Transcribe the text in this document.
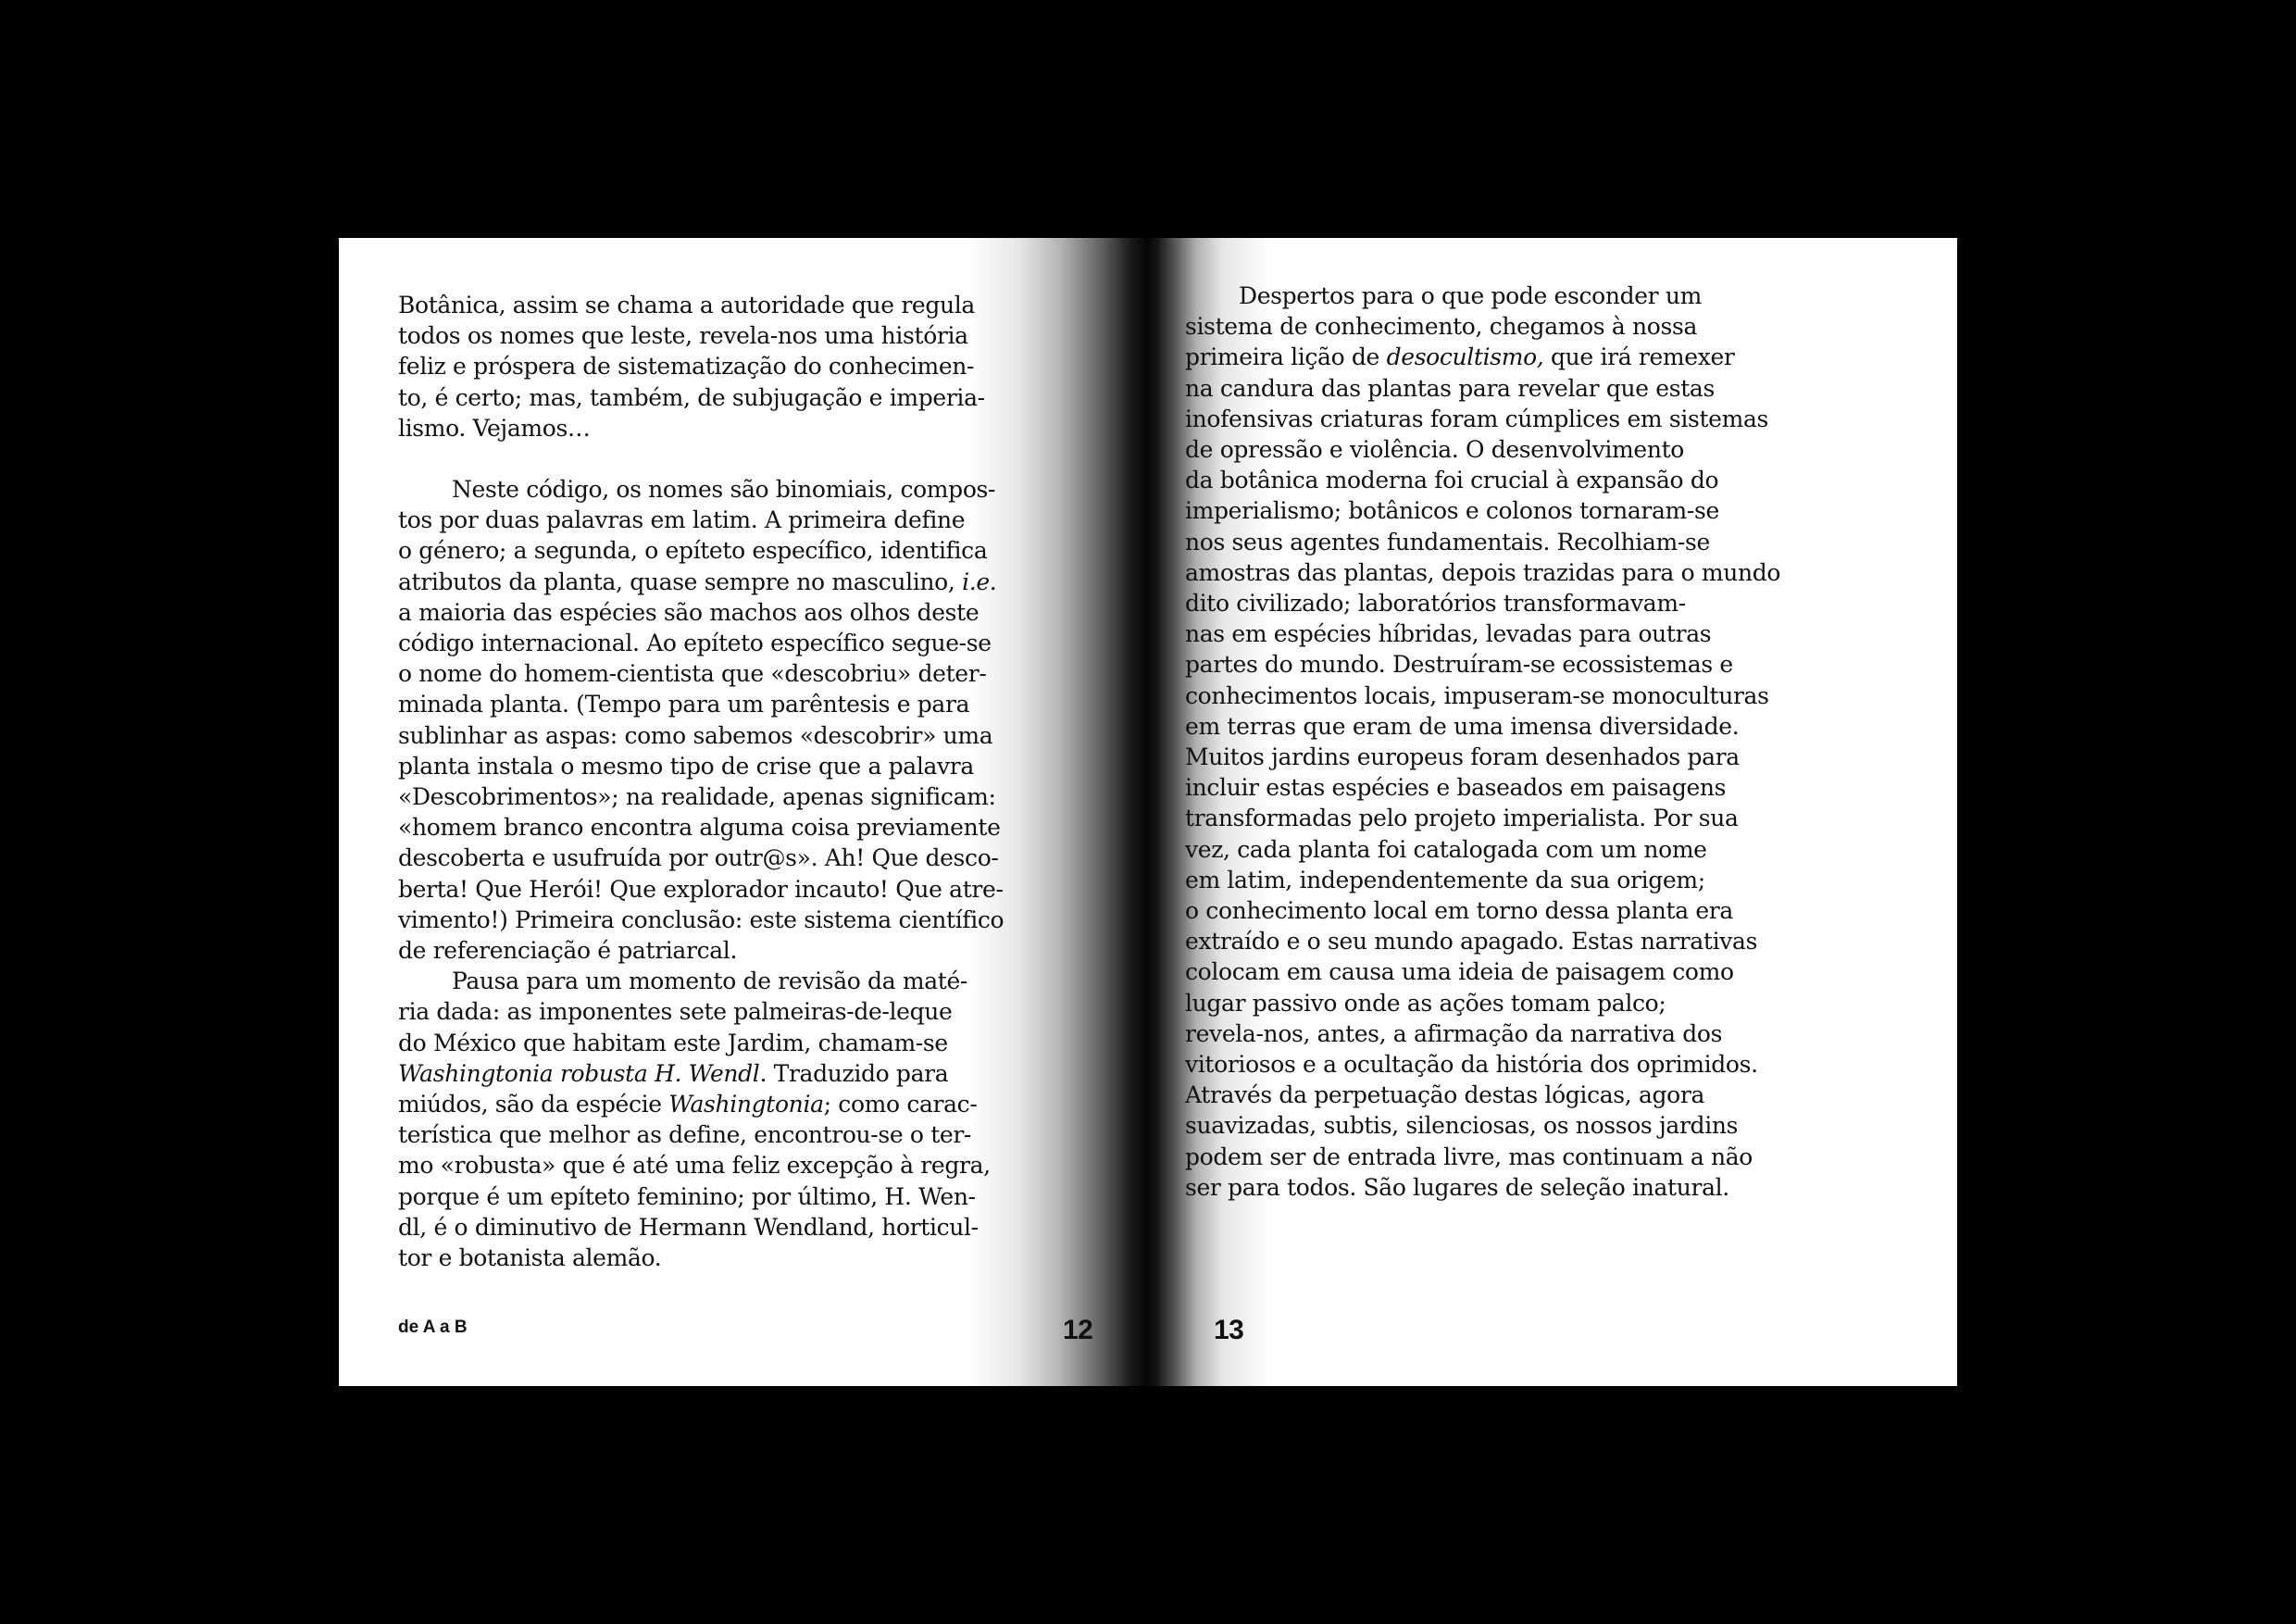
Botânica, assim se chama a autoridade que regula
todos os nomes que leste, revela-nos uma história
feliz e próspera de sistematização do conhecimen-
to, é certo; mas, também, de subjugação e imperia-
lismo. Vejamos…
Neste código, os nomes são binomiais, compos-
tos por duas palavras em latim. A primeira define
o género; a segunda, o epíteto específico, identifica
atributos da planta, quase sempre no masculino, i.e.
a maioria das espécies são machos aos olhos deste
código internacional. Ao epíteto específico segue-se
o nome do homem-cientista que «descobriu» deter-
minada planta. (Tempo para um parêntesis e para
sublinhar as aspas: como sabemos «descobrir» uma
planta instala o mesmo tipo de crise que a palavra
«Descobrimentos»; na realidade, apenas significam:
«homem branco encontra alguma coisa previamente
descoberta e usufruída por outr@s». Ah! Que desco-
berta! Que Herói! Que explorador incauto! Que atre-
vimento!) Primeira conclusão: este sistema científico
de referenciação é patriarcal.
Pausa para um momento de revisão da maté-
ria dada: as imponentes sete palmeiras-de-leque
do México que habitam este Jardim, chamam-se
Washingtonia robusta H. Wendl. Traduzido para
miúdos, são da espécie Washingtonia; como carac-
terística que melhor as define, encontrou-se o ter-
mo «robusta» que é até uma feliz excepção à regra,
porque é um epíteto feminino; por último, H. Wen-
dl, é o diminutivo de Hermann Wendland, horticul-
tor e botanista alemão.
de A a B	12
Despertos para o que pode esconder um
sistema de conhecimento, chegamos à nossa
primeira lição de desocultismo, que irá remexer
na candura das plantas para revelar que estas
inofensivas criaturas foram cúmplices em sistemas
de opressão e violência. O desenvolvimento
da botânica moderna foi crucial à expansão do
imperialismo; botânicos e colonos tornaram-se
nos seus agentes fundamentais. Recolhiam-se
amostras das plantas, depois trazidas para o mundo
dito civilizado; laboratórios transformavam-
nas em espécies híbridas, levadas para outras
partes do mundo. Destruíram-se ecossistemas e
conhecimentos locais, impuseram-se monoculturas
em terras que eram de uma imensa diversidade.
Muitos jardins europeus foram desenhados para
incluir estas espécies e baseados em paisagens
transformadas pelo projeto imperialista. Por sua
vez, cada planta foi catalogada com um nome
em latim, independentemente da sua origem;
o conhecimento local em torno dessa planta era
extraído e o seu mundo apagado. Estas narrativas
colocam em causa uma ideia de paisagem como
lugar passivo onde as ações tomam palco;
revela-nos, antes, a afirmação da narrativa dos
vitoriosos e a ocultação da história dos oprimidos.
Através da perpetuação destas lógicas, agora
suavizadas, subtis, silenciosas, os nossos jardins
podem ser de entrada livre, mas continuam a não
ser para todos. São lugares de seleção inatural.
13
